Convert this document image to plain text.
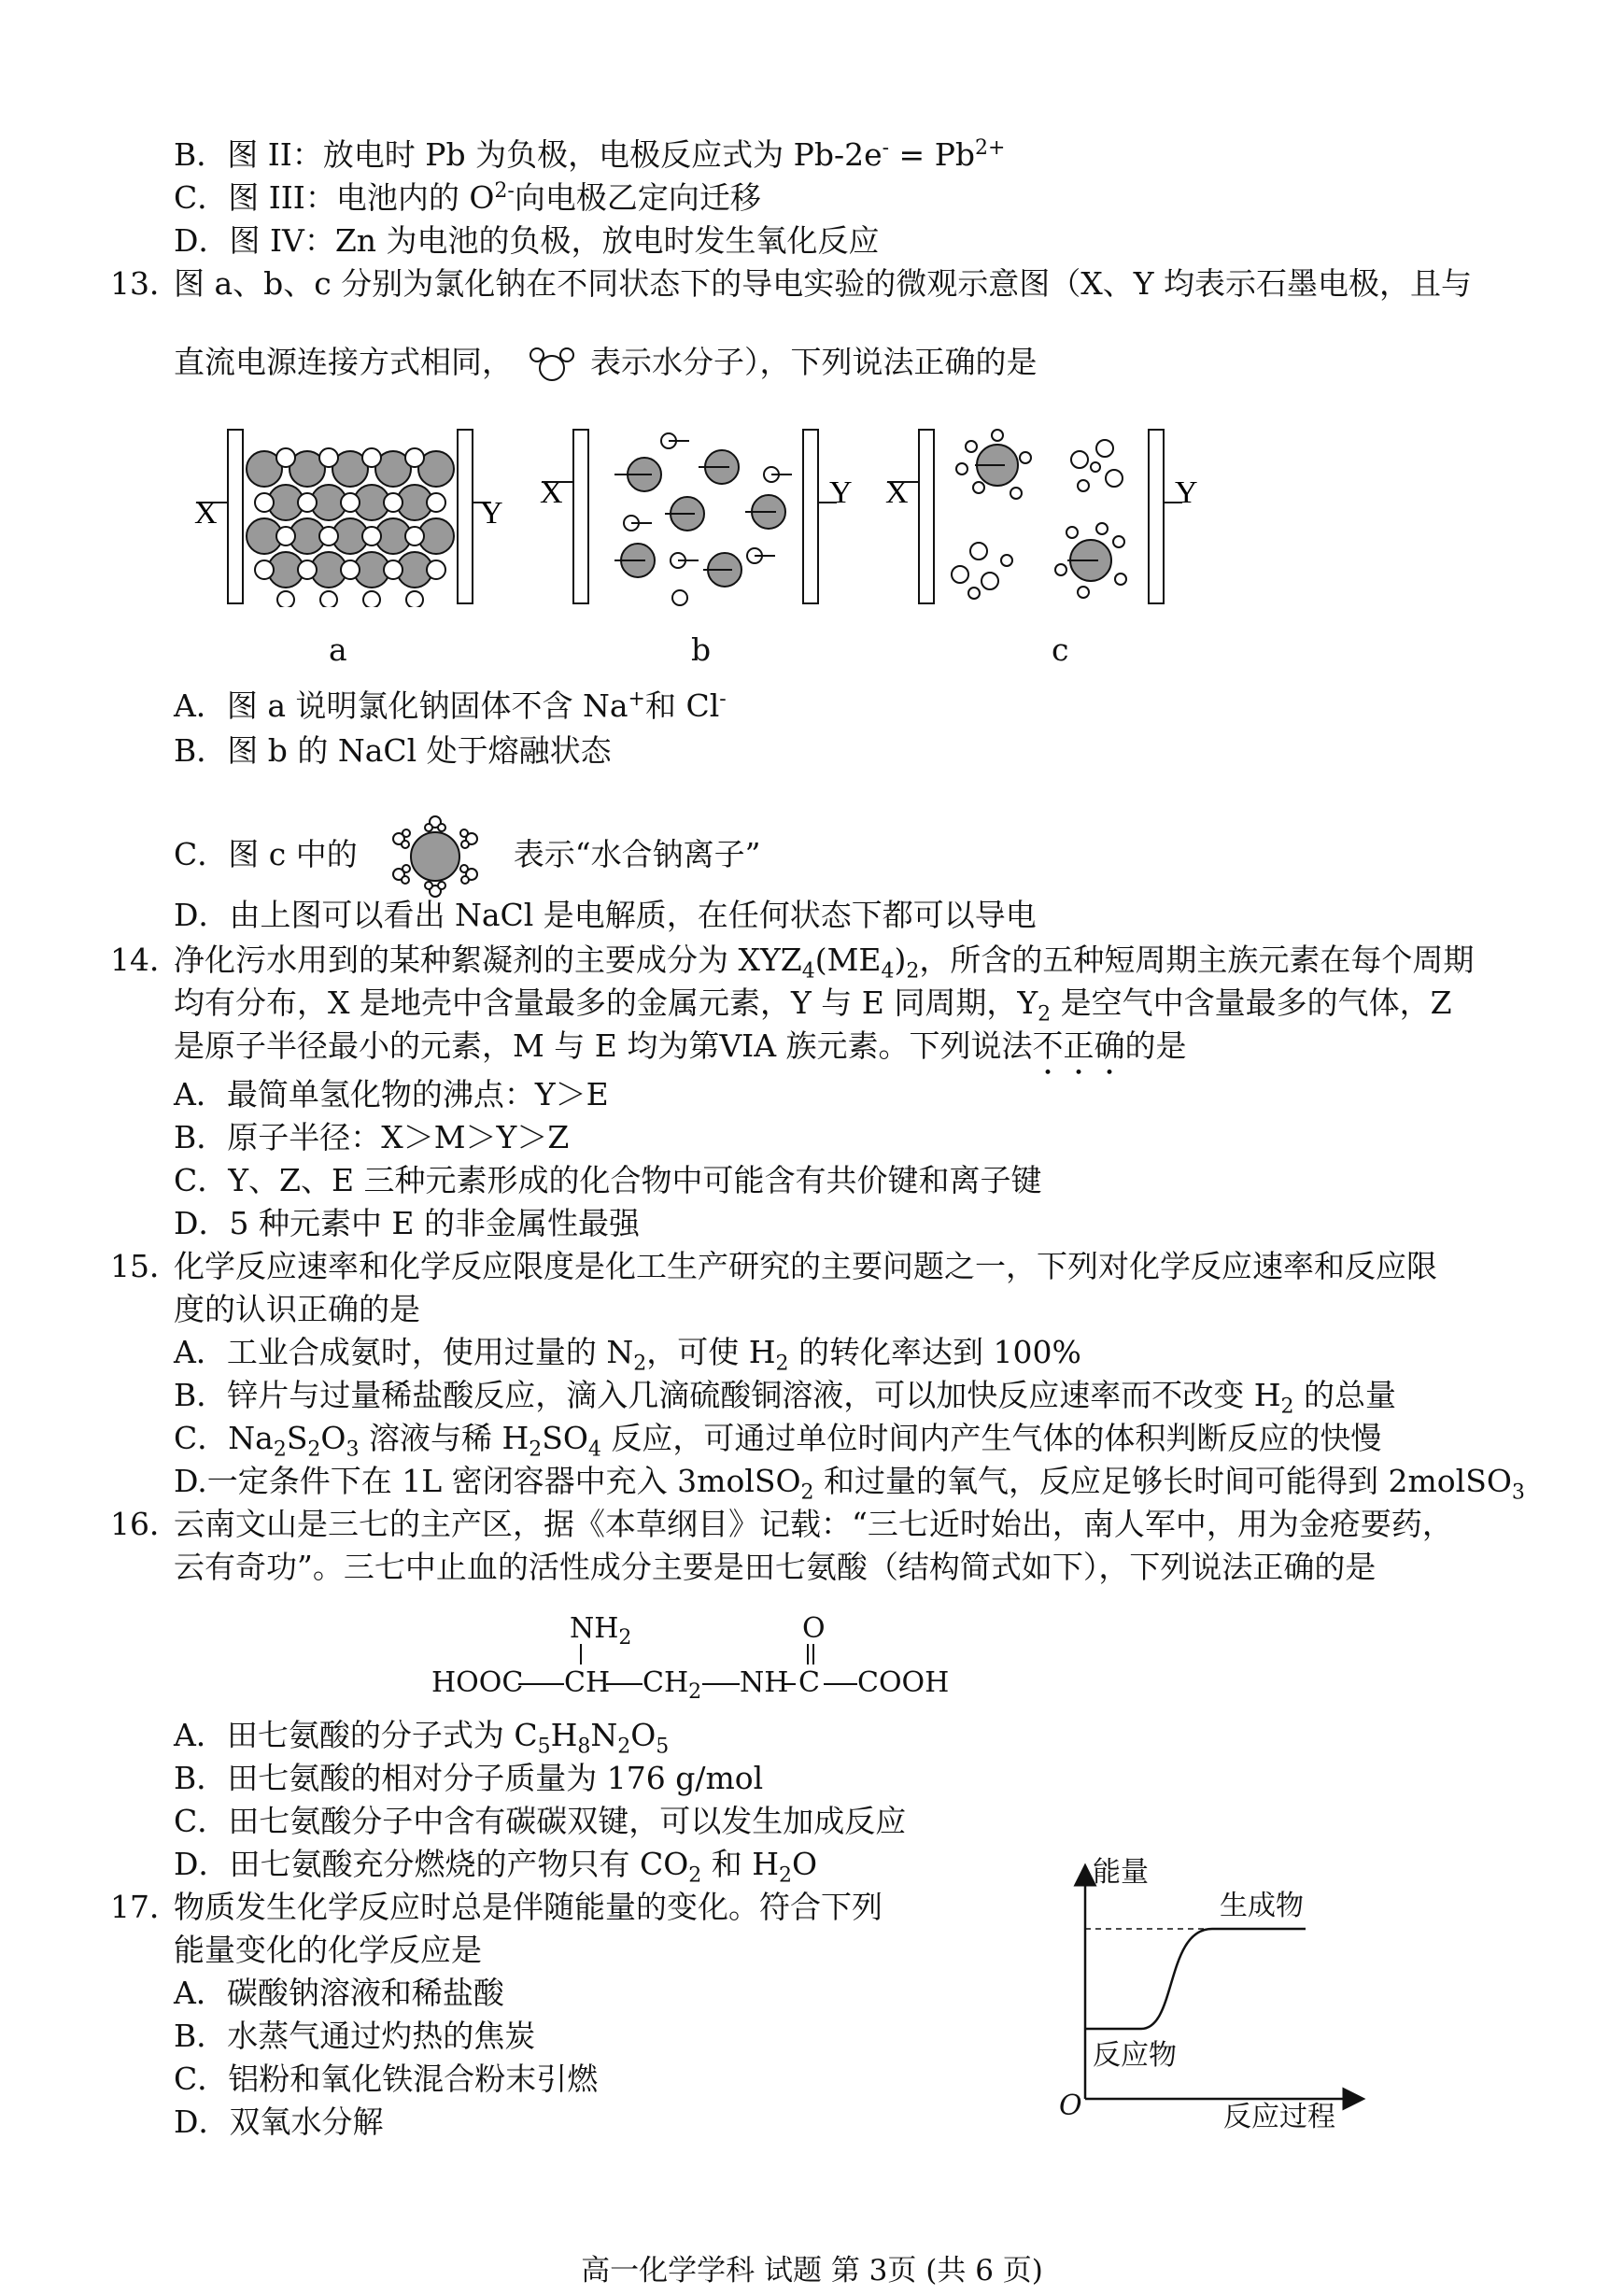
B．图 II：放电时 Pb 为负极，电极反应式为 $Pb-2e^- = Pb^{2+}$
C．图 III：电池内的 $O^{2-}$向电极乙定向迁移
D．图 IV：Zn 为电池的负极，放电时发生氧化反应
13．
图 a、b、c 分别为氯化钠在不同状态下的导电实验的微观示意图（X、Y 均表示石墨电极，且与
直流电源连接方式相同，	表示水分子），下列说法正确的是
X	Y
X	Y X	Y
a	b	c
A．图 a 说明氯化钠固体不含 Na+和 Cl-
B．图 b 的 NaCl 处于熔融状态
C．图 c 中的	表示“水合钠离子”
D．由上图可以看出 NaCl 是电解质，在任何状态下都可以导电
14．
净化污水用到的某种絮凝剂的主要成分为 $XYZ_4(ME_4)_2$，所含的五种短周期主族元素在每个周期
均有分布，X 是地壳中含量最多的金属元素，Y 与 E 同周期，$Y_2$ 是空气中含量最多的气体，Z
是原子半径最小的元素，M 与 E 均为第VIA 族元素。下列说法不正确的是
A．最简单氢化物的沸点：Y＞E
B．原子半径：X＞M＞Y＞Z
C．Y、Z、E 三种元素形成的化合物中可能含有共价键和离子键
D．5 种元素中 E 的非金属性最强
15．
化学反应速率和化学反应限度是化工生产研究的主要问题之一，下列对化学反应速率和反应限
度的认识正确的是
A．工业合成氨时，使用过量的 $N_2$，可使 $H_2$ 的转化率达到 100%
B．锌片与过量稀盐酸反应，滴入几滴硫酸铜溶液，可以加快反应速率而不改变 $H_2$ 的总量
C．$Na_2S_2O_3$ 溶液与稀 $H_2SO_4$ 反应，可通过单位时间内产生气体的体积判断反应的快慢
D.一定条件下在 1L 密闭容器中充入 3molSO$_2$ 和过量的氧气，反应足够长时间可能得到 2molSO$_3$
16．
云南文山是三七的主产区，据《本草纲目》记载：“三七近时始出，南人军中，用为金疮要药，
云有奇功”。三七中止血的活性成分主要是田七氨酸（结构简式如下），下列说法正确的是
$NH_2$	O
HOOC CH $CH_2$ NH C COOH
A．田七氨酸的分子式为 $C_5H_8N_2O_5$
B．田七氨酸的相对分子质量为 176 g/mol
C．田七氨酸分子中含有碳碳双键，可以发生加成反应
D．田七氨酸充分燃烧的产物只有 $CO_2$ 和 $H_2O$
17．
物质发生化学反应时总是伴随能量的变化。符合下列
能量变化的化学反应是
A．碳酸钠溶液和稀盐酸
B．水蒸气通过灼热的焦炭
C．铝粉和氧化铁混合粉末引燃
D．双氧水分解
能量
生成物
反应物
O	反应过程
高一化学学科 试题 第 3页 (共 6 页)
